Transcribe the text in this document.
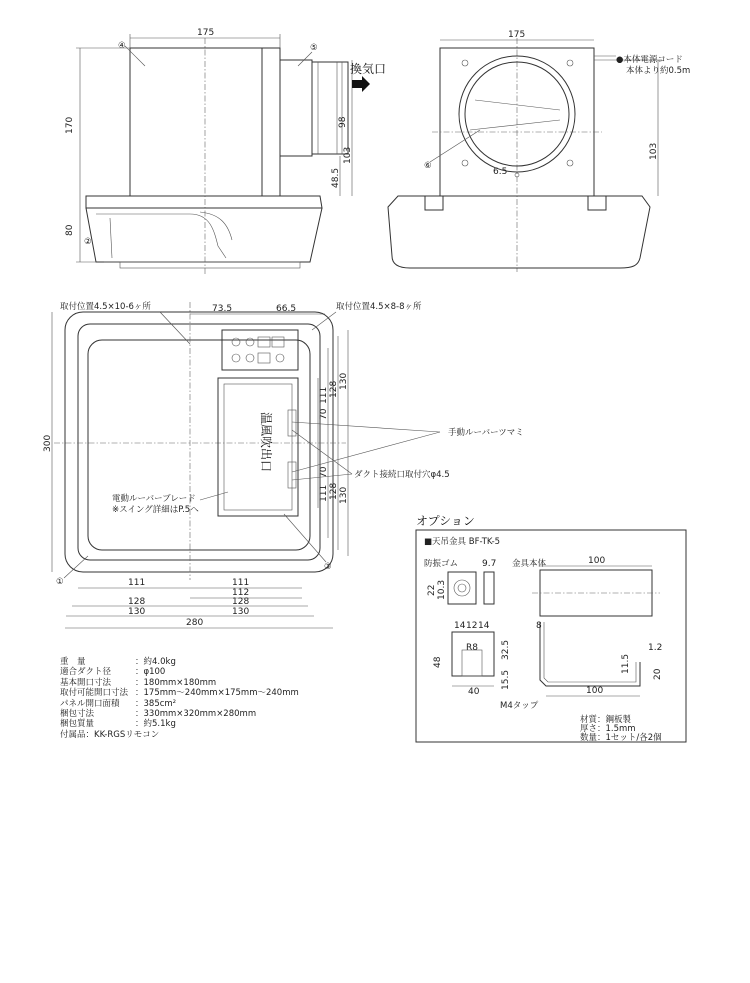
175
170
80
98
103
48.5
換気口
④	⑤
②
175
103
6.5
⑥
●本体電源コード
本体より約0.5m
温風吹出口
取付位置4.5×10-6ヶ所	取付位置4.5×8-8ヶ所
73.5	66.5
300
130
128
111
70
70
111 128 130
手動ルーバーツマミ
ダクト接続口取付穴φ4.5
電動ルーバーブレード
※スイング詳細はP.5へ
①
③
111	111
112
128	128
130	130
280
オプション
■天吊金具 BF-TK-5
防振ゴム	金具本体
9.7
22 10.3
100
14 12 14
48
32.5
15.5
R8
40
M4タップ
8
100
11.5
1.2
20
材質：鋼板製
厚さ：1.5mm
数量：1セット/各2個
重　量	：約4.0kg
適合ダクト径	：φ100
基本開口寸法	：180mm×180mm
取付可能開口寸法 ：175mm～240mm×175mm～240mm
パネル開口面積	：385cm²
梱包寸法	：330mm×320mm×280mm
梱包質量	：約5.1kg
付属品：KK-RGSリモコン
